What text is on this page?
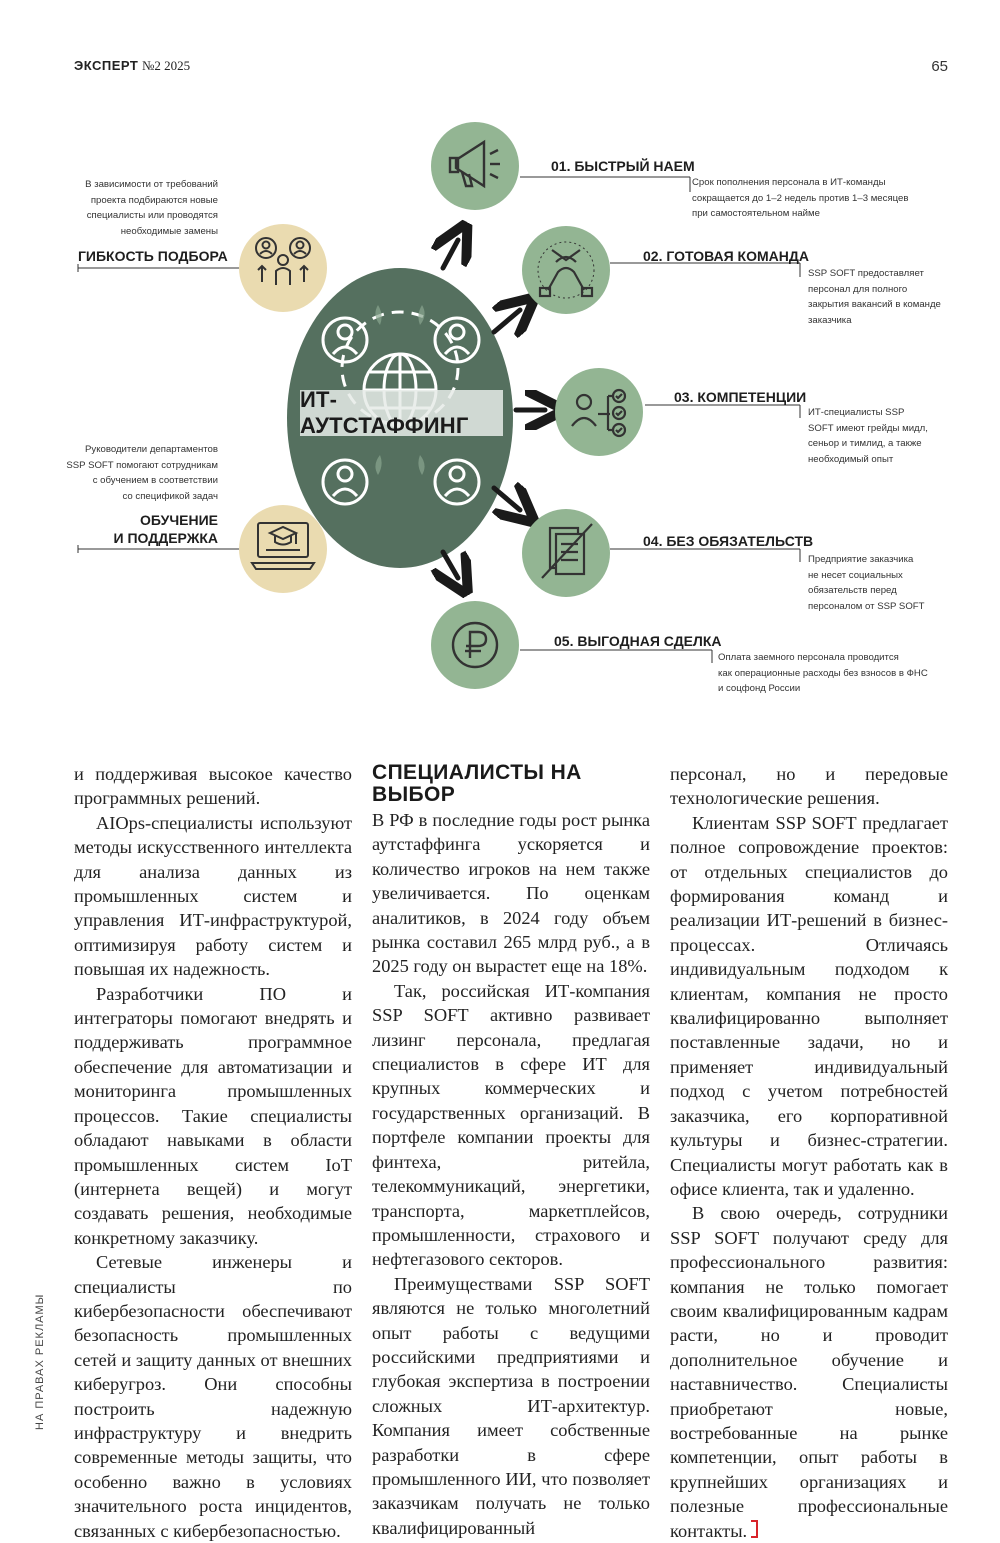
ЭКСПЕРТ №2 2025	65
ИТ-АУТСТАФФИНГ
В зависимости от требований
проекта подбираются новые
специалисты или проводятся
необходимые замены
ГИБКОСТЬ ПОДБОРА
Руководители департаментов
SSP SOFT помогают сотрудникам
с обучением в соответствии
со спецификой задач
ОБУЧЕНИЕ
И ПОДДЕРЖКА
01. БЫСТРЫЙ НАЕМ
Срок пополнения персонала в ИТ-команды
сокращается до 1–2 недель против 1–3 месяцев
при самостоятельном найме
02. ГОТОВАЯ КОМАНДА
SSP SOFT предоставляет
персонал для полного
закрытия вакансий в команде
заказчика
03. КОМПЕТЕНЦИИ
ИТ-специалисты SSP
SOFT имеют грейды мидл,
сеньор и тимлид, а также
необходимый опыт
04. БЕЗ ОБЯЗАТЕЛЬСТВ
Предприятие заказчика
не несет социальных
обязательств перед
персоналом от SSP SOFT
05. ВЫГОДНАЯ СДЕЛКА
Оплата заемного персонала проводится
как операционные расходы без взносов в ФНС
и соцфонд России
НА ПРАВАХ РЕКЛАМЫ

и поддерживая высокое качество программных решений.

AIOps-специалисты используют методы искусственного интеллекта для анализа данных из промышленных систем и управления ИТ-инфраструктурой, оптимизируя работу систем и повышая их надежность.

Разработчики ПО и интеграторы помогают внедрять и поддерживать программное обеспечение для автоматизации и мониторинга промышленных процессов. Такие специалисты обладают навыками в области промышленных систем IoT (интернета вещей) и могут создавать решения, необходимые конкретному заказчику.

Сетевые инженеры и специалисты по кибербезопасности обеспечивают безопасность промышленных сетей и защиту данных от внешних киберугроз. Они способны построить надежную инфраструктуру и внедрить современные методы защиты, что особенно важно в условиях значительного роста инцидентов, связанных с кибербезопасностью.

СПЕЦИАЛИСТЫ НА ВЫБОР

В РФ в последние годы рост рынка аутстаффинга ускоряется и количество игроков на нем также увеличивается. По оценкам аналитиков, в 2024 году объем рынка составил 265 млрд руб., а в 2025 году он вырастет еще на 18%.

Так, российская ИТ-компания SSP SOFT активно развивает лизинг персонала, предлагая специалистов в сфере ИТ для крупных коммерческих и государственных организаций. В портфеле компании проекты для финтеха, ритейла, телекоммуникаций, энергетики, транспорта, маркетплейсов, промышленности, страхового и нефтегазового секторов.

Преимуществами SSP SOFT являются не только многолетний опыт работы с ведущими российскими предприятиями и глубокая экспертиза в построении сложных ИТ-архитектур. Компания имеет собственные разработки в сфере промышленного ИИ, что позволяет заказчикам получать не только квалифицированный

персонал, но и передовые технологические решения.

Клиентам SSP SOFT предлагает полное сопровождение проектов: от отдельных специалистов до формирования команд и реализации ИТ-решений в бизнес-процессах. Отличаясь индивидуальным подходом к клиентам, компания не просто квалифицированно выполняет поставленные задачи, но и применяет индивидуальный подход с учетом потребностей заказчика, его корпоративной культуры и бизнес-стратегии. Специалисты могут работать как в офисе клиента, так и удаленно.

В свою очередь, сотрудники SSP SOFT получают среду для профессионального развития: компания не только помогает своим квалифицированным кадрам расти, но и проводит дополнительное обучение и наставничество. Специалисты приобретают новые, востребованные на рынке компетенции, опыт работы в крупнейших организациях и полезные профессиональные контакты.
